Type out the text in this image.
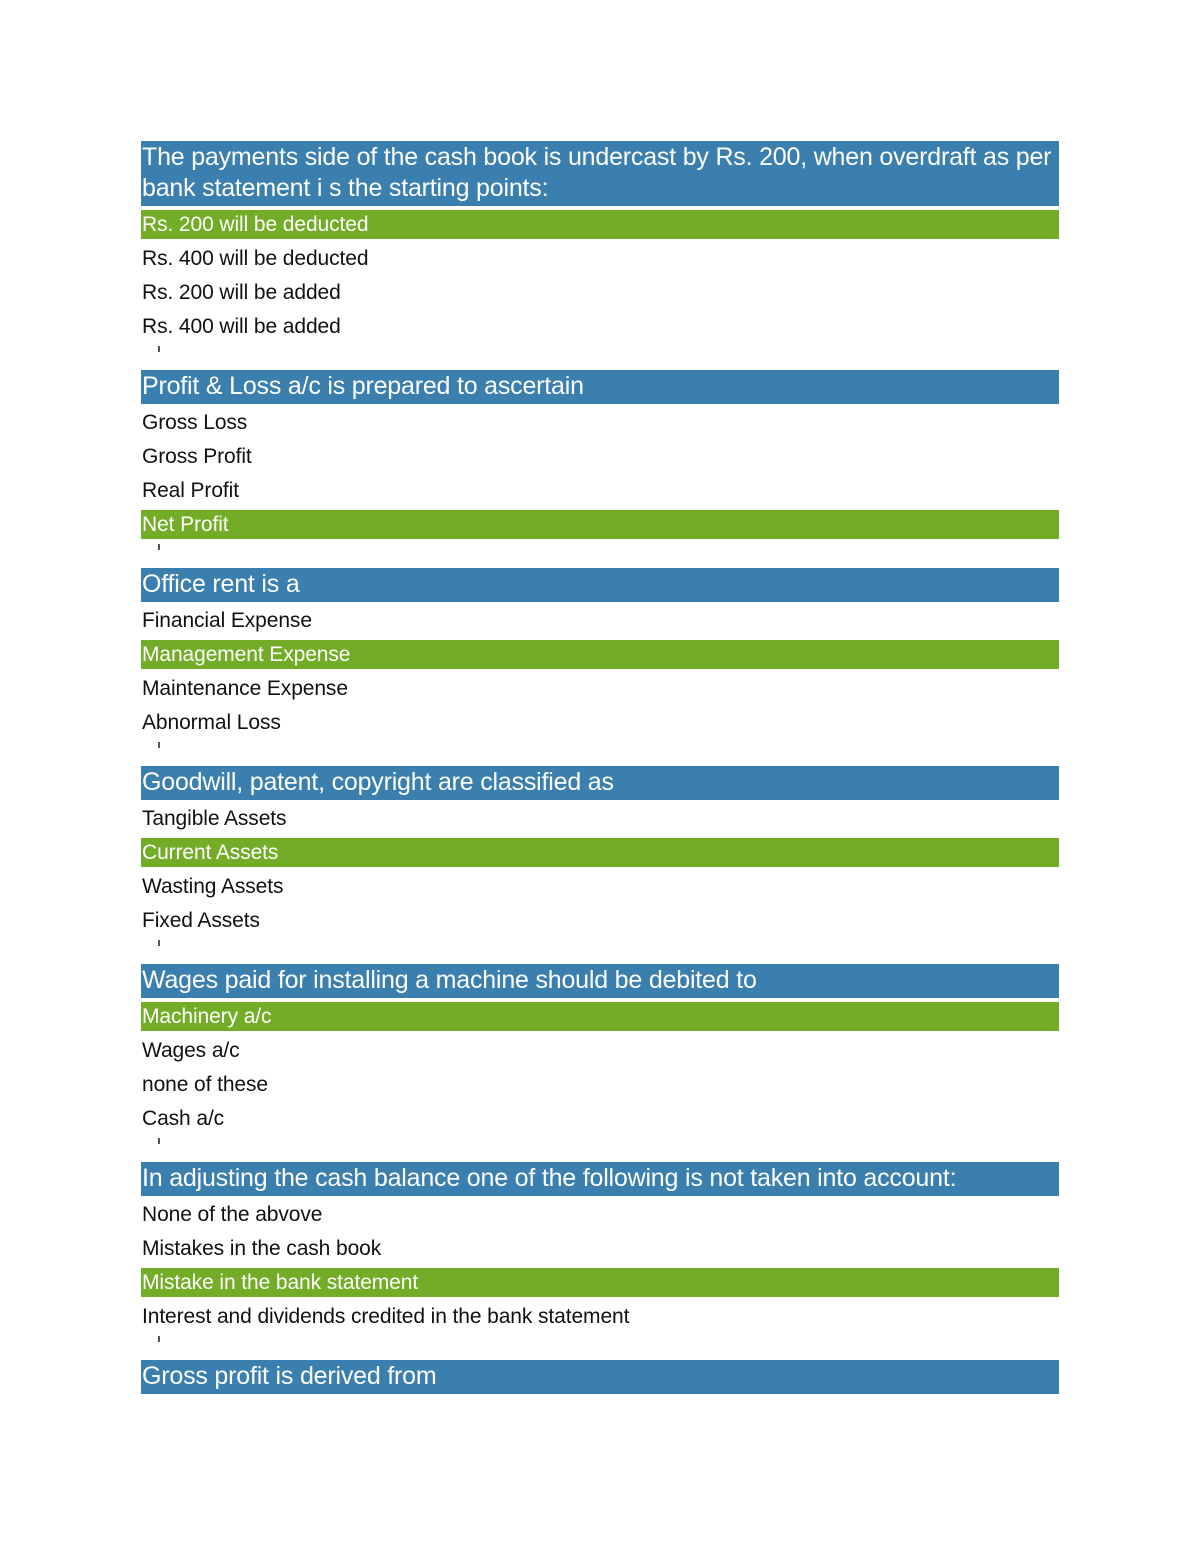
The payments side of the cash book is undercast by Rs. 200, when overdraft as per bank statement i s the starting points:
Rs. 200 will be deducted
Rs. 400 will be deducted
Rs. 200 will be added
Rs. 400 will be added
Profit & Loss a/c is prepared to ascertain
Gross Loss
Gross Profit
Real Profit
Net Profit
Office rent is a
Financial Expense
Management Expense
Maintenance Expense
Abnormal Loss
Goodwill, patent, copyright are classified as
Tangible Assets
Current Assets
Wasting Assets
Fixed Assets
Wages paid for installing a machine should be debited to
Machinery a/c
Wages a/c
none of these
Cash a/c
In adjusting the cash balance one of the following is not taken into account:
None of the abvove
Mistakes in the cash book
Mistake in the bank statement
Interest and dividends credited in the bank statement
Gross profit is derived from
